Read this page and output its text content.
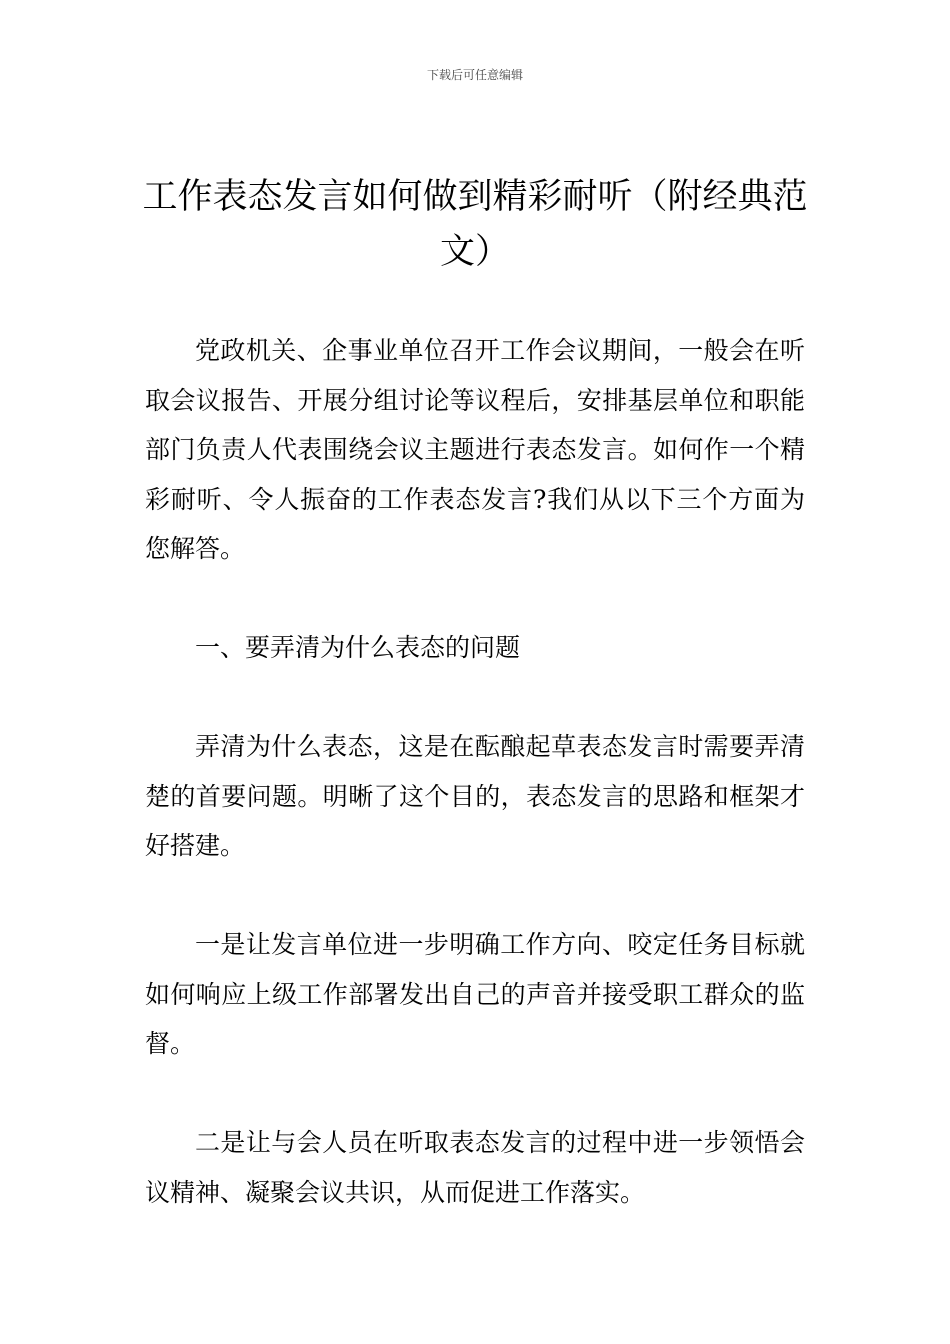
下载后可任意编辑
工作表态发言如何做到精彩耐听（附经典范文）

党政机关、企事业单位召开工作会议期间，一般会在听取会议报告、开展分组讨论等议程后，安排基层单位和职能部门负责人代表围绕会议主题进行表态发言。如何作一个精彩耐听、令人振奋的工作表态发言?我们从以下三个方面为您解答。

一、要弄清为什么表态的问题

弄清为什么表态，这是在酝酿起草表态发言时需要弄清楚的首要问题。明晰了这个目的，表态发言的思路和框架才好搭建。

一是让发言单位进一步明确工作方向、咬定任务目标就如何响应上级工作部署发出自己的声音并接受职工群众的监督。

二是让与会人员在听取表态发言的过程中进一步领悟会议精神、凝聚会议共识，从而促进工作落实。
